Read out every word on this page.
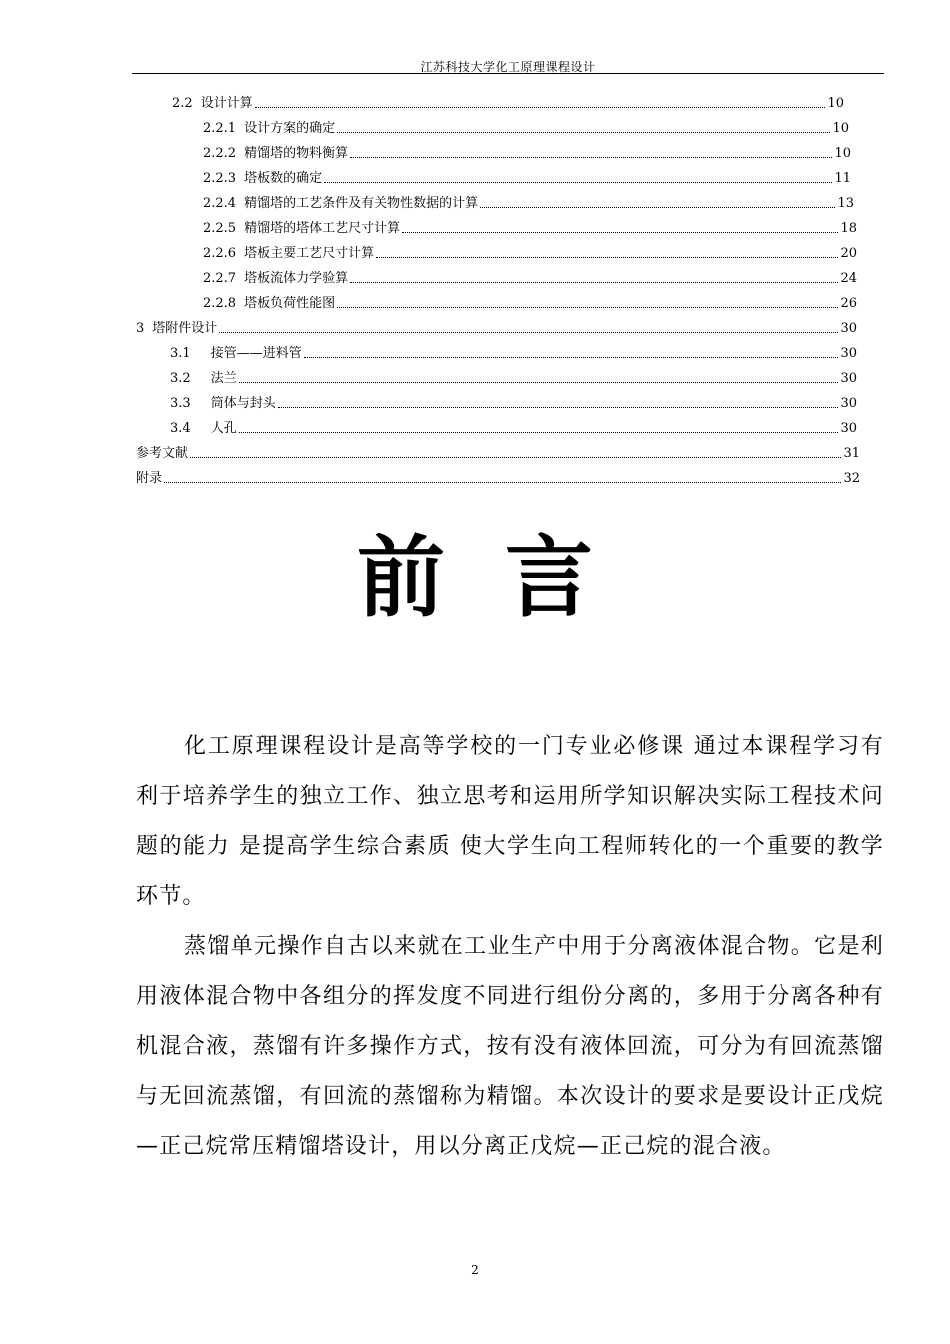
江苏科技大学化工原理课程设计
2.2 设计计算	10
2.2.1 设计方案的确定	10
2.2.2 精馏塔的物料衡算	10
2.2.3 塔板数的确定	11
2.2.4 精馏塔的工艺条件及有关物性数据的计算	13
2.2.5 精馏塔的塔体工艺尺寸计算	18
2.2.6 塔板主要工艺尺寸计算	20
2.2.7 塔板流体力学验算	24
2.2.8 塔板负荷性能图	26
3 塔附件设计	30
3.1 接管——进料管	30
3.2 法兰	30
3.3 筒体与封头	30
3.4 人孔	30
参考文献	31
附录	32
前言

化工原理课程设计是高等学校的一门专业必修课 通过本课程学习有利于培养学生的独立工作、独立思考和运用所学知识解决实际工程技术问题的能力 是提高学生综合素质 使大学生向工程师转化的一个重要的教学环节。

蒸馏单元操作自古以来就在工业生产中用于分离液体混合物。它是利用液体混合物中各组分的挥发度不同进行组份分离的，多用于分离各种有机混合液，蒸馏有许多操作方式，按有没有液体回流，可分为有回流蒸馏与无回流蒸馏，有回流的蒸馏称为精馏。本次设计的要求是要设计正戊烷—正己烷常压精馏塔设计，用以分离正戊烷—正己烷的混合液。

2
